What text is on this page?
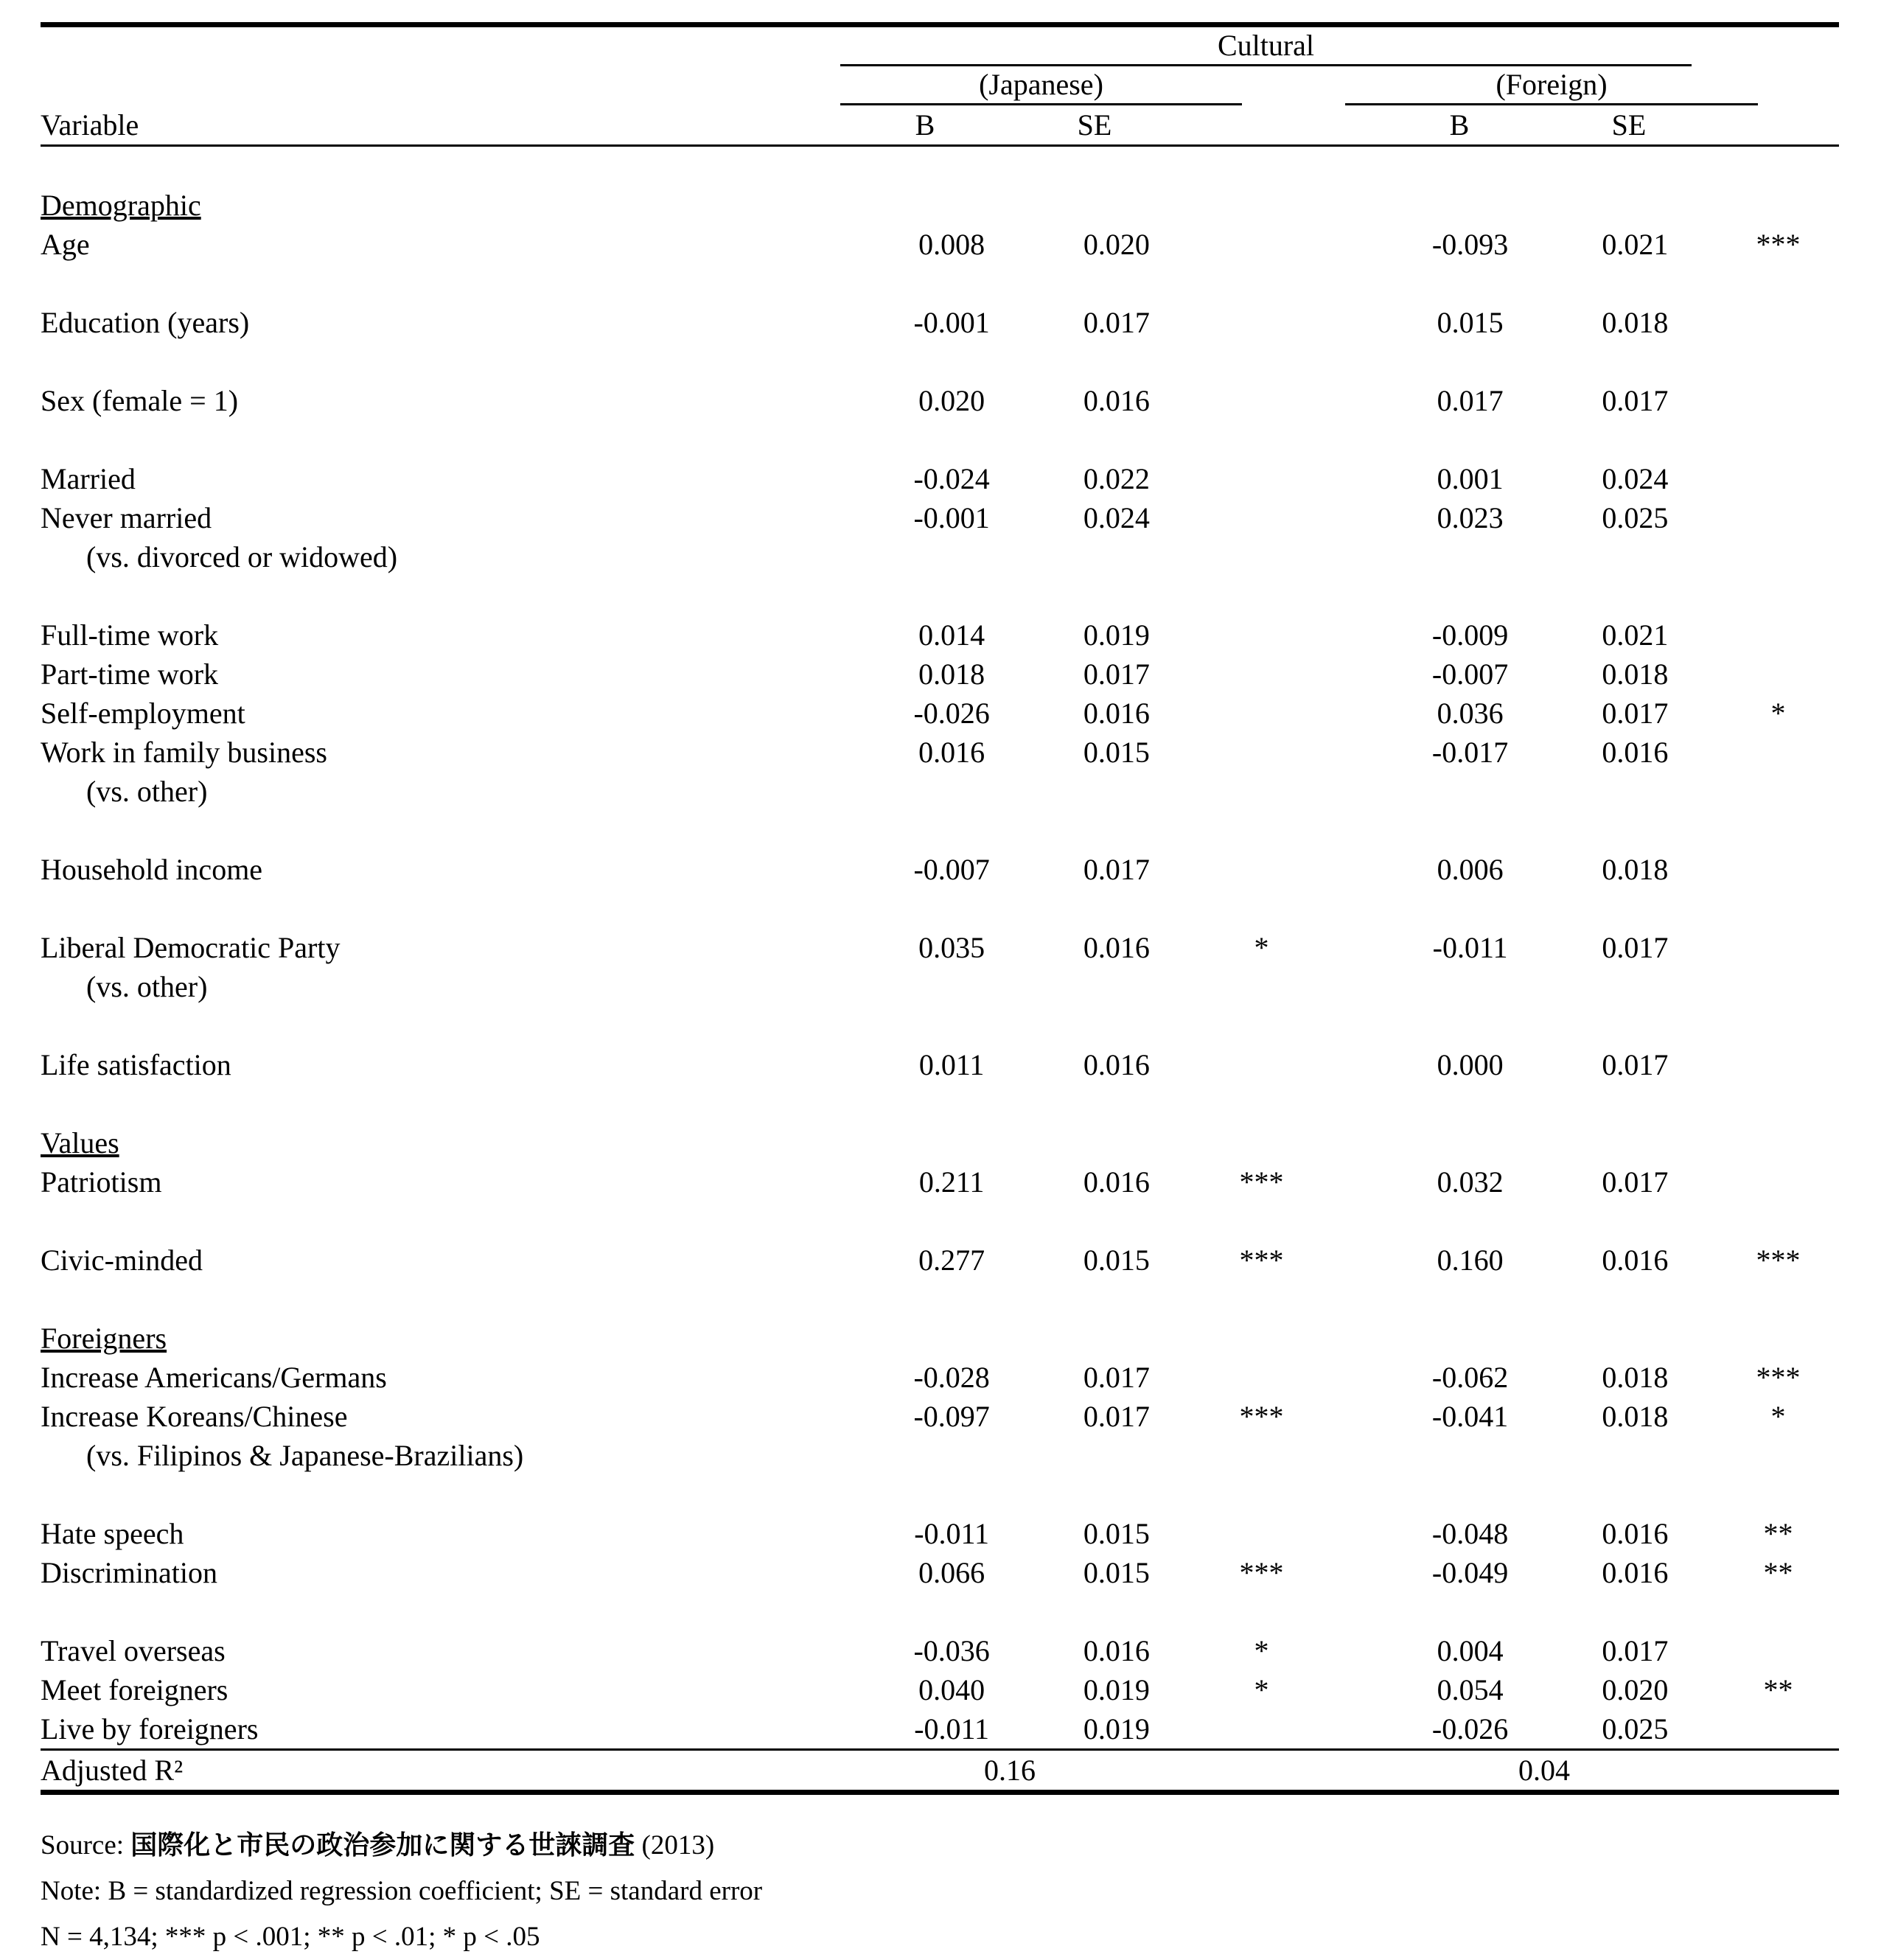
Cultural
(Japanese)	(Foreign)
Variable	B	SE			B	SE	

Demographic							
Age	0.008	0.020			-0.093	0.021	***

Education (years)	-0.001	0.017			0.015	0.018	

Sex (female = 1)	0.020	0.016			0.017	0.017	

Married	-0.024	0.022			0.001	0.024	
Never married	-0.001	0.024			0.023	0.025	
(vs. divorced or widowed)							

Full-time work	0.014	0.019			-0.009	0.021	
Part-time work	0.018	0.017			-0.007	0.018	
Self-employment	-0.026	0.016			0.036	0.017	*
Work in family business	0.016	0.015			-0.017	0.016	
(vs. other)							

Household income	-0.007	0.017			0.006	0.018	

Liberal Democratic Party	0.035	0.016	*		-0.011	0.017	
(vs. other)							

Life satisfaction	0.011	0.016			0.000	0.017	

Values							
Patriotism	0.211	0.016	***		0.032	0.017	

Civic-minded	0.277	0.015	***		0.160	0.016	***

Foreigners							
Increase Americans/Germans	-0.028	0.017			-0.062	0.018	***
Increase Koreans/Chinese	-0.097	0.017	***		-0.041	0.018	*
(vs. Filipinos & Japanese-Brazilians)							

Hate speech	-0.011	0.015			-0.048	0.016	**
Discrimination	0.066	0.015	***		-0.049	0.016	**

Travel overseas	-0.036	0.016	*		0.004	0.017	
Meet foreigners	0.040	0.019	*		0.054	0.020	**
Live by foreigners	-0.011	0.019			-0.026	0.025	
Adjusted R²	0.16			0.04	
Source: 国際化と市民の政治参加に関する世誺調査 (2013)
Note: B = standardized regression coefficient; SE = standard error
N = 4,134; *** p < .001; ** p < .01; * p < .05
